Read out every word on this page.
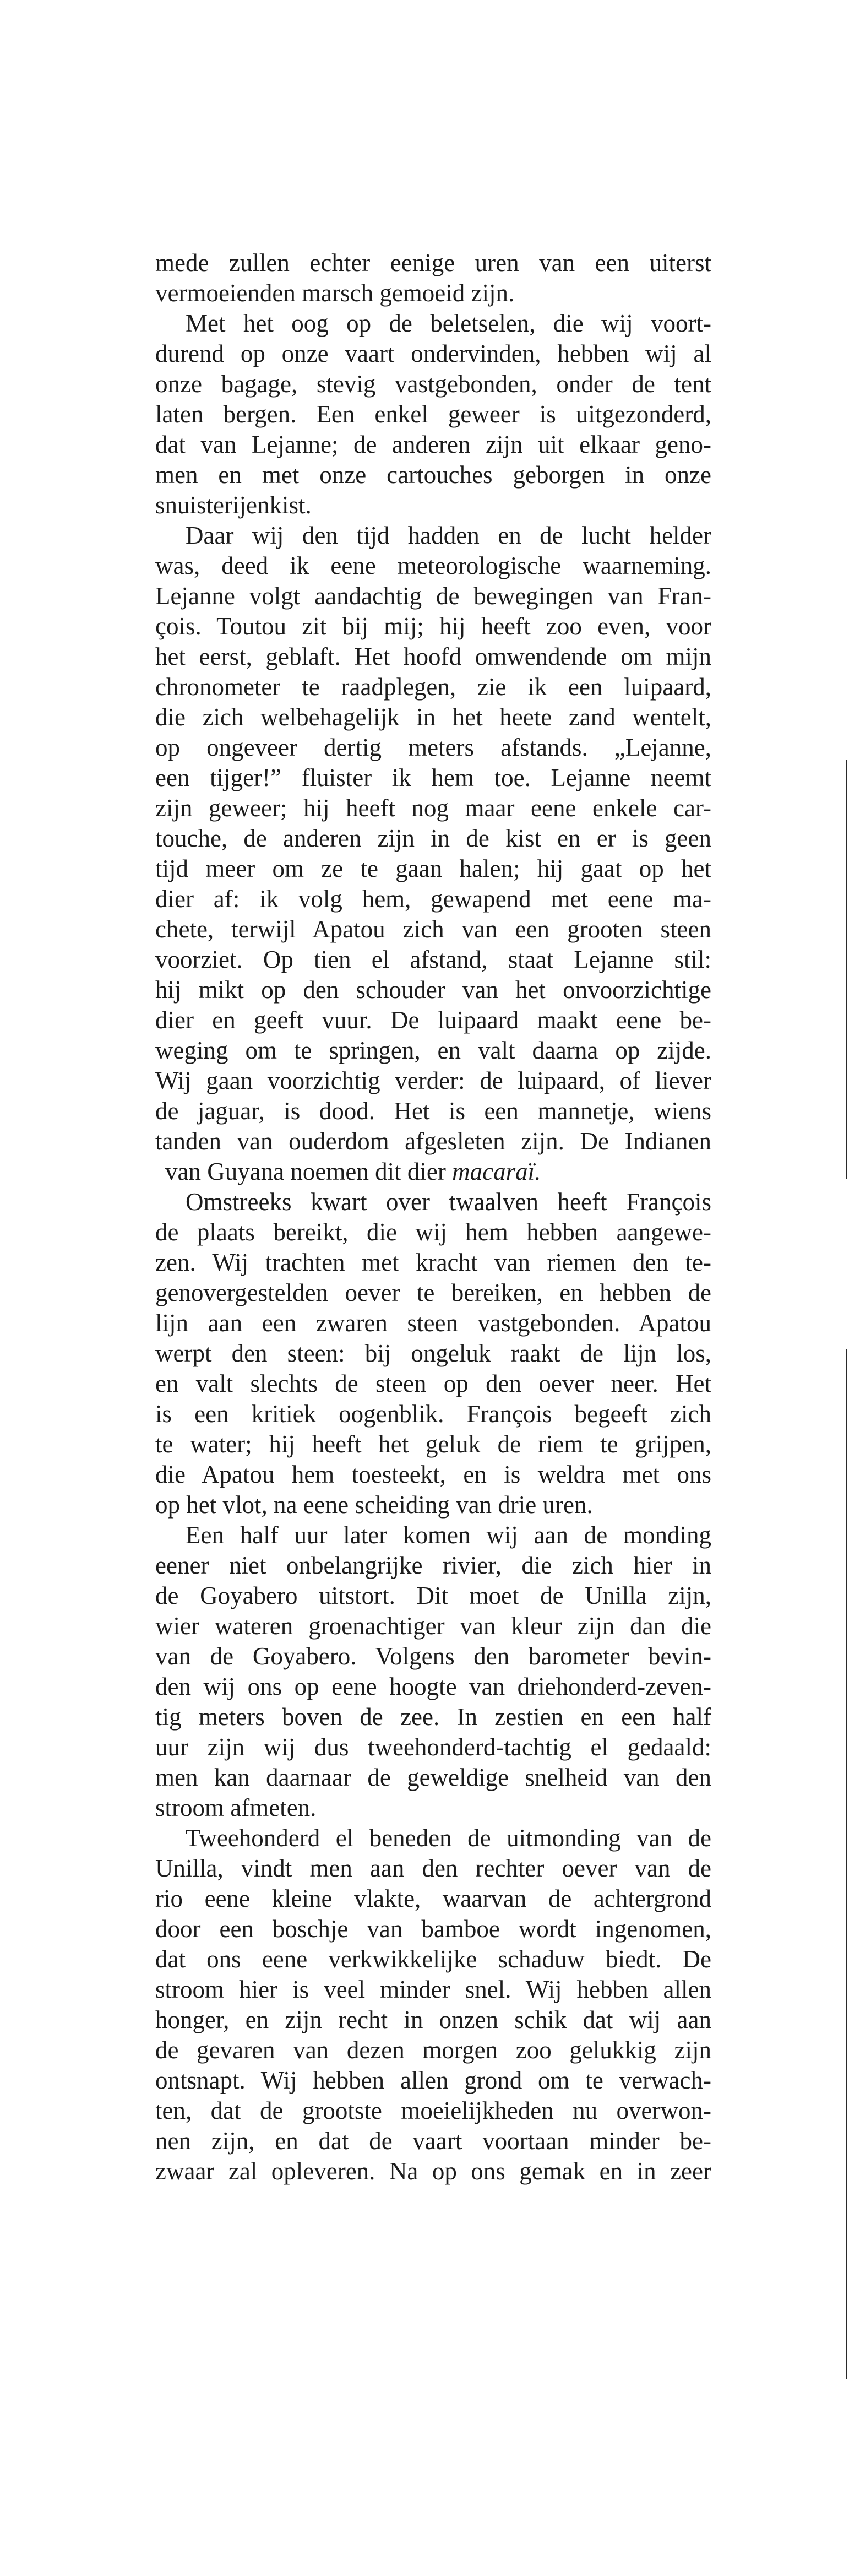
mede zullen echter eenige uren van een uiterst
vermoeienden marsch gemoeid zijn.
Met het oog op de beletselen, die wij voort-
durend op onze vaart ondervinden, hebben wij al
onze bagage, stevig vastgebonden, onder de tent
laten bergen. Een enkel geweer is uitgezonderd,
dat van Lejanne; de anderen zijn uit elkaar geno-
men en met onze cartouches geborgen in onze
snuisterijenkist.
Daar wij den tijd hadden en de lucht helder
was, deed ik eene meteorologische waarneming.
Lejanne volgt aandachtig de bewegingen van Fran-
çois. Toutou zit bij mij; hij heeft zoo even, voor
het eerst, geblaft. Het hoofd omwendende om mijn
chronometer te raadplegen, zie ik een luipaard,
die zich welbehagelijk in het heete zand wentelt,
op ongeveer dertig meters afstands. „Lejanne,
een tijger!” fluister ik hem toe. Lejanne neemt
zijn geweer; hij heeft nog maar eene enkele car-
touche, de anderen zijn in de kist en er is geen
tijd meer om ze te gaan halen; hij gaat op het
dier af: ik volg hem, gewapend met eene ma-
chete, terwijl Apatou zich van een grooten steen
voorziet. Op tien el afstand, staat Lejanne stil:
hij mikt op den schouder van het onvoorzichtige
dier en geeft vuur. De luipaard maakt eene be-
weging om te springen, en valt daarna op zijde.
Wij gaan voorzichtig verder: de luipaard, of liever
de jaguar, is dood. Het is een mannetje, wiens
tanden van ouderdom afgesleten zijn. De Indianen
van Guyana noemen dit dier macaraï.
Omstreeks kwart over twaalven heeft François
de plaats bereikt, die wij hem hebben aangewe-
zen. Wij trachten met kracht van riemen den te-
genovergestelden oever te bereiken, en hebben de
lijn aan een zwaren steen vastgebonden. Apatou
werpt den steen: bij ongeluk raakt de lijn los,
en valt slechts de steen op den oever neer. Het
is een kritiek oogenblik. François begeeft zich
te water; hij heeft het geluk de riem te grijpen,
die Apatou hem toesteekt, en is weldra met ons
op het vlot, na eene scheiding van drie uren.
Een half uur later komen wij aan de monding
eener niet onbelangrijke rivier, die zich hier in
de Goyabero uitstort. Dit moet de Unilla zijn,
wier wateren groenachtiger van kleur zijn dan die
van de Goyabero. Volgens den barometer bevin-
den wij ons op eene hoogte van driehonderd-zeven-
tig meters boven de zee. In zestien en een half
uur zijn wij dus tweehonderd-tachtig el gedaald:
men kan daarnaar de geweldige snelheid van den
stroom afmeten.
Tweehonderd el beneden de uitmonding van de
Unilla, vindt men aan den rechter oever van de
rio eene kleine vlakte, waarvan de achtergrond
door een boschje van bamboe wordt ingenomen,
dat ons eene verkwikkelijke schaduw biedt. De
stroom hier is veel minder snel. Wij hebben allen
honger, en zijn recht in onzen schik dat wij aan
de gevaren van dezen morgen zoo gelukkig zijn
ontsnapt. Wij hebben allen grond om te verwach-
ten, dat de grootste moeielijkheden nu overwon-
nen zijn, en dat de vaart voortaan minder be-
zwaar zal opleveren. Na op ons gemak en in zeer
